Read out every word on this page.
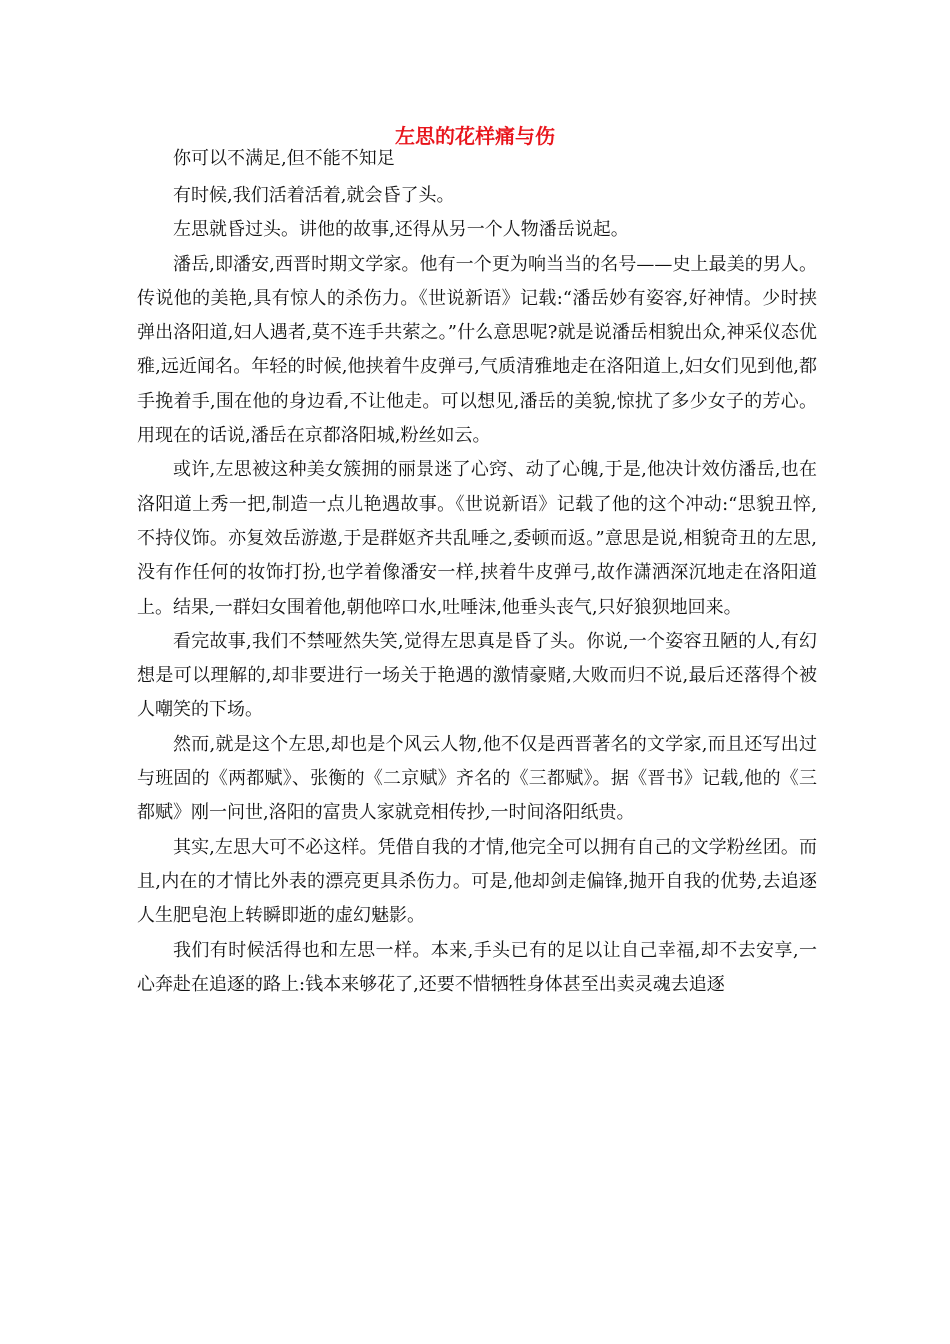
左思的花样痛与伤

你可以不满足,但不能不知足

有时候,我们活着活着,就会昏了头。

左思就昏过头。讲他的故事,还得从另一个人物潘岳说起。

潘岳,即潘安,西晋时期文学家。他有一个更为响当当的名号——史上最美的男人。传说他的美艳,具有惊人的杀伤力。《世说新语》记载:“潘岳妙有姿容,好神情。少时挟弹出洛阳道,妇人遇者,莫不连手共萦之。”什么意思呢?就是说潘岳相貌出众,神采仪态优雅,远近闻名。年轻的时候,他挟着牛皮弹弓,气质清雅地走在洛阳道上,妇女们见到他,都手挽着手,围在他的身边看,不让他走。可以想见,潘岳的美貌,惊扰了多少女子的芳心。用现在的话说,潘岳在京都洛阳城,粉丝如云。

或许,左思被这种美女簇拥的丽景迷了心窍、动了心魄,于是,他决计效仿潘岳,也在洛阳道上秀一把,制造一点儿艳遇故事。《世说新语》记载了他的这个冲动:“思貌丑悴,不持仪饰。亦复效岳游遨,于是群妪齐共乱唾之,委顿而返。”意思是说,相貌奇丑的左思,没有作任何的妆饰打扮,也学着像潘安一样,挟着牛皮弹弓,故作潇洒深沉地走在洛阳道上。结果,一群妇女围着他,朝他啐口水,吐唾沫,他垂头丧气,只好狼狈地回来。

看完故事,我们不禁哑然失笑,觉得左思真是昏了头。你说,一个姿容丑陋的人,有幻想是可以理解的,却非要进行一场关于艳遇的激情豪赌,大败而归不说,最后还落得个被人嘲笑的下场。

然而,就是这个左思,却也是个风云人物,他不仅是西晋著名的文学家,而且还写出过与班固的《两都赋》、张衡的《二京赋》齐名的《三都赋》。据《晋书》记载,他的《三都赋》刚一问世,洛阳的富贵人家就竞相传抄,一时间洛阳纸贵。

其实,左思大可不必这样。凭借自我的才情,他完全可以拥有自己的文学粉丝团。而且,内在的才情比外表的漂亮更具杀伤力。可是,他却剑走偏锋,抛开自我的优势,去追逐人生肥皂泡上转瞬即逝的虚幻魅影。

我们有时候活得也和左思一样。本来,手头已有的足以让自己幸福,却不去安享,一心奔赴在追逐的路上:钱本来够花了,还要不惜牺牲身体甚至出卖灵魂去追逐
